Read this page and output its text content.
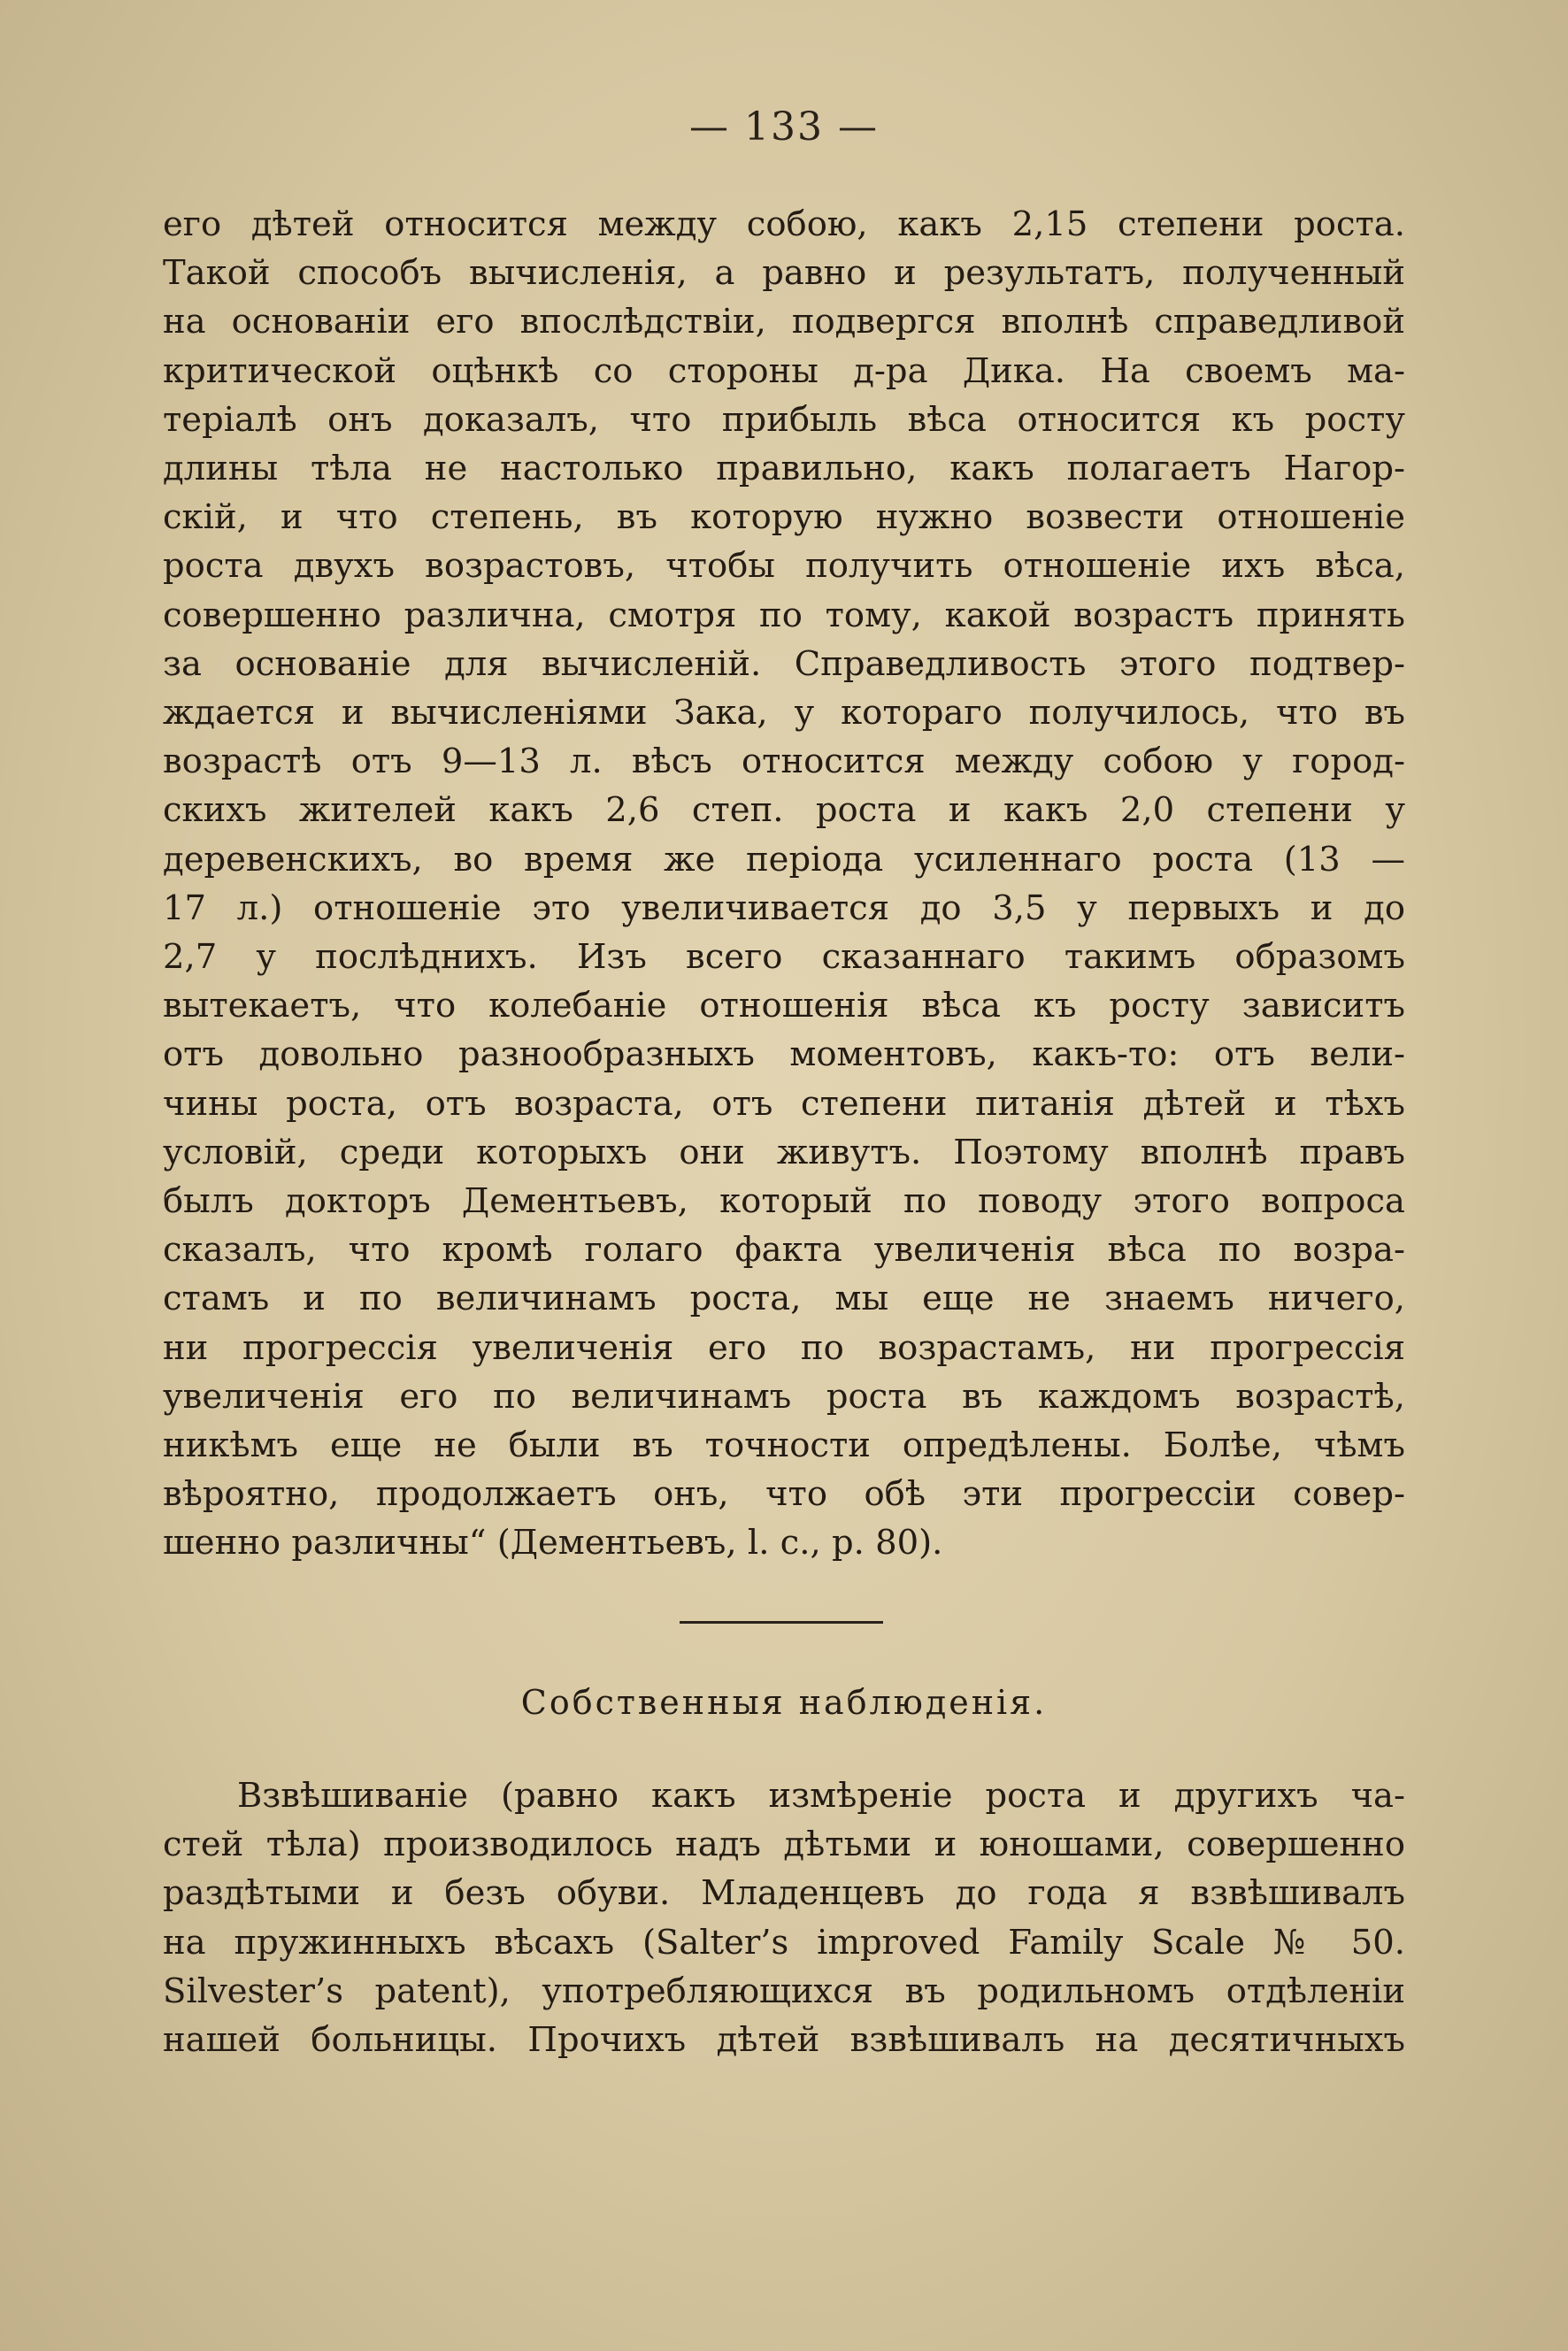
— 133 —
его дѣтей относится между собою, какъ 2,15 степени роста.
Такой способъ вычисленія, а равно и результатъ, полученный
на основаніи его впослѣдствіи, подвергся вполнѣ справедливой
критической оцѣнкѣ со стороны д-ра Дика. На своемъ ма-
теріалѣ онъ доказалъ, что прибыль вѣса относится къ росту
длины тѣла не настолько правильно, какъ полагаетъ Нагор-
скій, и что степень, въ которую нужно возвести отношеніе
роста двухъ возрастовъ, чтобы получить отношеніе ихъ вѣса,
совершенно различна, смотря по тому, какой возрастъ принять
за основаніе для вычисленій. Справедливость этого подтвер-
ждается и вычисленіями Зака, у котораго получилось, что въ
возрастѣ отъ 9—13 л. вѣсъ относится между собою у город-
скихъ жителей какъ 2,6 степ. роста и какъ 2,0 степени у
деревенскихъ, во время же періода усиленнаго роста (13 —
17 л.) отношеніе это увеличивается до 3,5 у первыхъ и до
2,7 у послѣднихъ. Изъ всего сказаннаго такимъ образомъ
вытекаетъ, что колебаніе отношенія вѣса къ росту зависитъ
отъ довольно разнообразныхъ моментовъ, какъ-то: отъ вели-
чины роста, отъ возраста, отъ степени питанія дѣтей и тѣхъ
условій, среди которыхъ они живутъ. Поэтому вполнѣ правъ
былъ докторъ Дементьевъ, который по поводу этого вопроса
сказалъ, что кромѣ голаго факта увеличенія вѣса по возра-
стамъ и по величинамъ роста, мы еще не знаемъ ничего,
ни прогрессія увеличенія его по возрастамъ, ни прогрессія
увеличенія его по величинамъ роста въ каждомъ возрастѣ,
никѣмъ еще не были въ точности опредѣлены. Болѣе, чѣмъ
вѣроятно, продолжаетъ онъ, что обѣ эти прогрессіи совер-
шенно различны“ (Дементьевъ, l. c., p. 80).
Собственныя наблюденія.
Взвѣшиваніе (равно какъ измѣреніе роста и другихъ ча-
стей тѣла) производилось надъ дѣтьми и юношами, совершенно
раздѣтыми и безъ обуви. Младенцевъ до года я взвѣшивалъ
на пружинныхъ вѣсахъ (Salter’s improved Family Scale № 50.
Silvester’s patent), употребляющихся въ родильномъ отдѣленіи
нашей больницы. Прочихъ дѣтей взвѣшивалъ на десятичныхъ
